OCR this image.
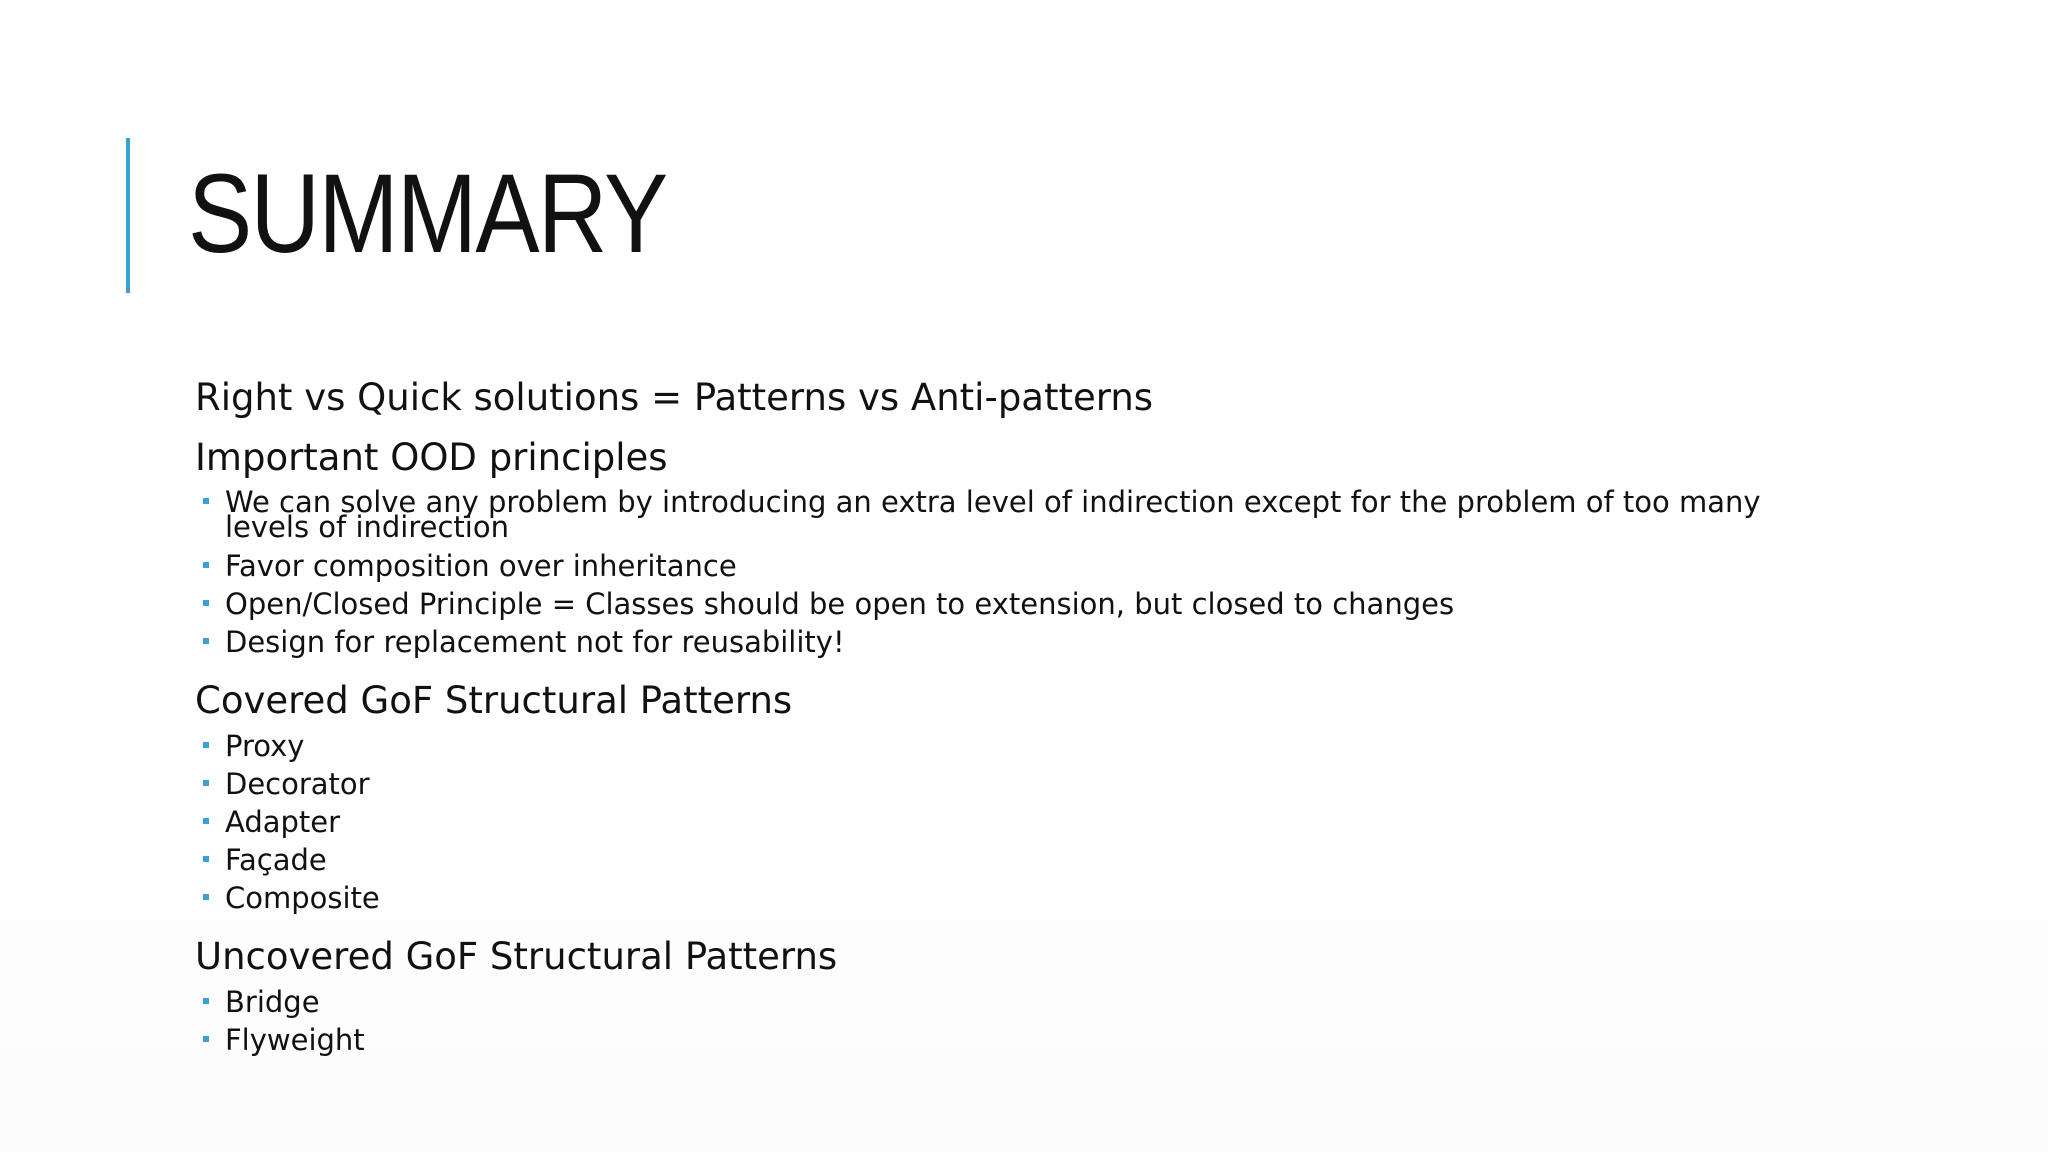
SUMMARY

Right vs Quick solutions = Patterns vs Anti-patterns

Important OOD principles

We can solve any problem by introducing an extra level of indirection except for the problem of too many levels of indirection
Favor composition over inheritance
Open/Closed Principle = Classes should be open to extension, but closed to changes
Design for replacement not for reusability!

Covered GoF Structural Patterns

Proxy
Decorator
Adapter
Façade
Composite

Uncovered GoF Structural Patterns

Bridge
Flyweight
